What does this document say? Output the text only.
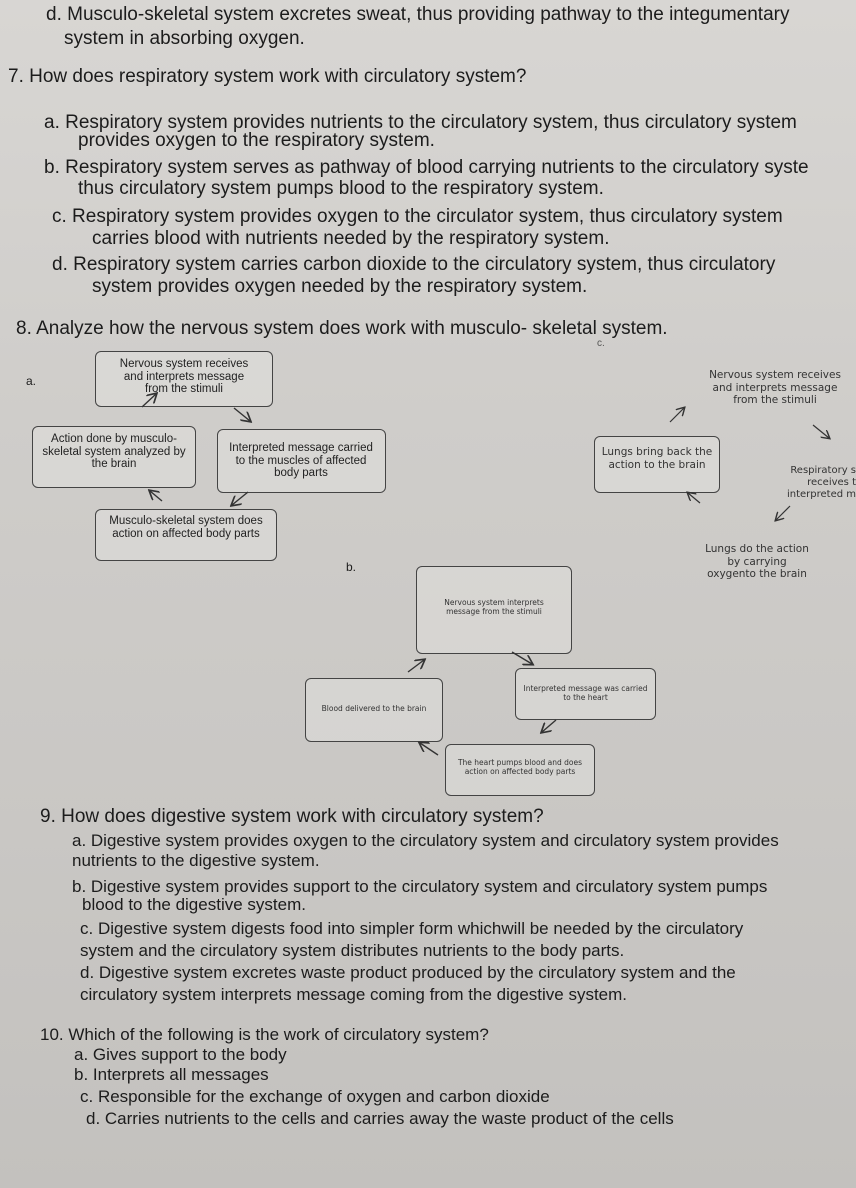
d. Musculo-skeletal system excretes sweat, thus providing pathway to the integumentary
system in absorbing oxygen.
7. How does respiratory system work with circulatory system?
a. Respiratory system provides nutrients to the circulatory system, thus circulatory system
provides oxygen to the respiratory system.
b. Respiratory system serves as pathway of blood carrying nutrients to the circulatory syste
thus circulatory system pumps blood to the respiratory system.
c. Respiratory system provides oxygen to the circulator system, thus circulatory system
carries blood with nutrients needed by the respiratory system.
d. Respiratory system carries carbon dioxide to the circulatory system, thus circulatory
system provides oxygen needed by the respiratory system.
8. Analyze how the nervous system does work with musculo- skeletal system.
a.
Nervous system receives and interprets message from the stimuli
Interpreted message carried to the muscles of affected body parts
Musculo-skeletal system does action on affected body parts
Action done by musculo-skeletal system analyzed by the brain
b.
Nervous system interprets message from the stimuli
Interpreted message was carried to the heart
The heart pumps blood and does action on affected body parts
Blood delivered to the brain
c.
Nervous system receives and interprets message from the stimuli
Respiratory s receives t interpreted m
Lungs do the action by carrying oxygento the brain
Lungs bring back the action to the brain
9. How does digestive system work with circulatory system?
a. Digestive system provides oxygen to the circulatory system and circulatory system provides
nutrients to the digestive system.
b. Digestive system provides support to the circulatory system and circulatory system pumps
blood to the digestive system.
c. Digestive system digests food into simpler form whichwill be needed by the circulatory
system and the circulatory system distributes nutrients to the body parts.
d. Digestive system excretes waste product produced by the circulatory system and the
circulatory system interprets message coming from the digestive system.
10. Which of the following is the work of circulatory system?
a. Gives support to the body
b. Interprets all messages
c. Responsible for the exchange of oxygen and carbon dioxide
d. Carries nutrients to the cells and carries away the waste product of the cells
